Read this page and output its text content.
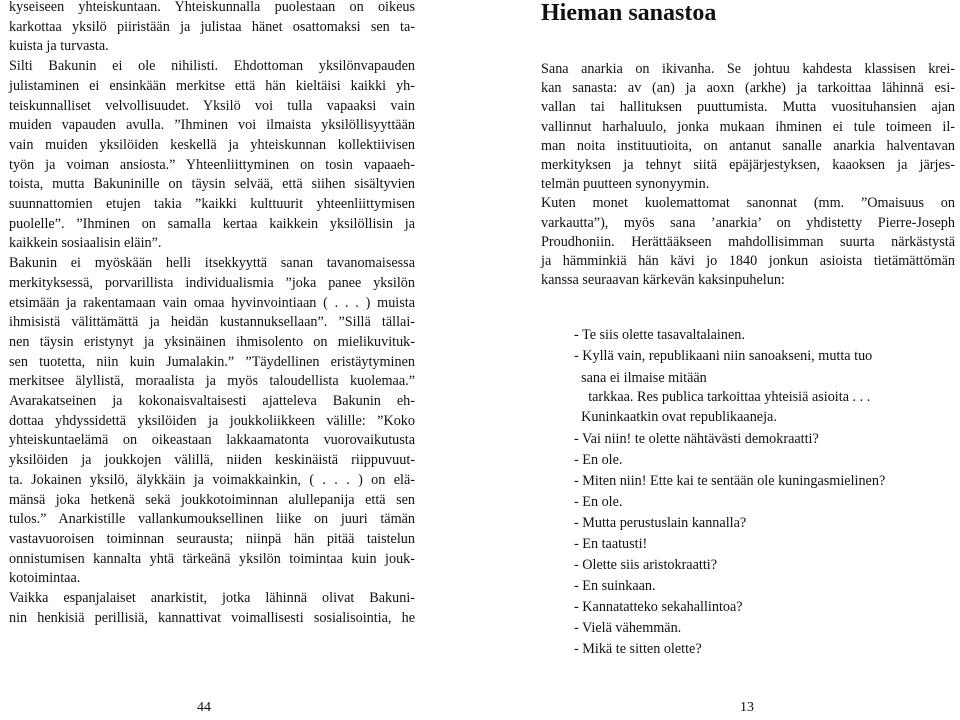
kyseiseen yhteiskuntaan. Yhteiskunnalla puolestaan on oikeus
karkottaa yksilö piiristään ja julistaa hänet osattomaksi sen ta-
kuista ja turvasta.
Silti Bakunin ei ole nihilisti. Ehdottoman yksilönvapauden
julistaminen ei ensinkään merkitse että hän kieltäisi kaikki yh-
teiskunnalliset velvollisuudet. Yksilö voi tulla vapaaksi vain
muiden vapauden avulla. ”Ihminen voi ilmaista yksilöllisyyttään
vain muiden yksilöiden keskellä ja yhteiskunnan kollektiivisen
työn ja voiman ansiosta.” Yhteenliittyminen on tosin vapaaeh-
toista, mutta Bakuninille on täysin selvää, että siihen sisältyvien
suunnattomien etujen takia ”kaikki kulttuurit yhteenliittymisen
puolelle”. ”Ihminen on samalla kertaa kaikkein yksilöllisin ja
kaikkein sosiaalisin eläin”.
Bakunin ei myöskään helli itsekkyyttä sanan tavanomaisessa
merkityksessä, porvarillista individualismia ”joka panee yksilön
etsimään ja rakentamaan vain omaa hyvinvointiaan ( . . . ) muista
ihmisistä välittämättä ja heidän kustannuksellaan”. ”Sillä tällai-
nen täysin eristynyt ja yksinäinen ihmisolento on mielikuvituk-
sen tuotetta, niin kuin Jumalakin.” ”Täydellinen eristäytyminen
merkitsee älyllistä, moraalista ja myös taloudellista kuolemaa.”
Avarakatseinen ja kokonaisvaltaisesti ajatteleva Bakunin eh-
dottaa yhdyssidettä yksilöiden ja joukkoliikkeen välille: ”Koko
yhteiskuntaelämä on oikeastaan lakkaamatonta vuorovaikutusta
yksilöiden ja joukkojen välillä, niiden keskinäistä riippuvuut-
ta. Jokainen yksilö, älykkäin ja voimakkainkin, ( . . . ) on elä-
mänsä joka hetkenä sekä joukkotoiminnan alullepanija että sen
tulos.” Anarkistille vallankumouksellinen liike on juuri tämän
vastavuoroisen toiminnan seurausta; niinpä hän pitää taistelun
onnistumisen kannalta yhtä tärkeänä yksilön toimintaa kuin jouk-
kotoimintaa.
Vaikka espanjalaiset anarkistit, jotka lähinnä olivat Bakuni-
nin henkisiä perillisiä, kannattivat voimallisesti sosialisointia, he
Hieman sanastoa
Sana anarkia on ikivanha. Se johtuu kahdesta klassisen krei-
kan sanasta: av (an) ja aoxn (arkhe) ja tarkoittaa lähinnä esi-
vallan tai hallituksen puuttumista. Mutta vuosituhansien ajan
vallinnut harhaluulo, jonka mukaan ihminen ei tule toimeen il-
man noita instituutioita, on antanut sanalle anarkia halventavan
merkityksen ja tehnyt siitä epäjärjestyksen, kaaoksen ja järjes-
telmän puutteen synonyymin.
Kuten monet kuolemattomat sanonnat (mm. ”Omaisuus on
varkautta”), myös sana ’anarkia’ on yhdistetty Pierre-Joseph
Proudhoniin. Herättääkseen mahdollisimman suurta närkästystä
ja hämminkiä hän kävi jo 1840 jonkun asioista tietämättömän
kanssa seuraavan kärkevän kaksinpuhelun:
- Te siis olette tasavaltalainen.
- Kyllä vain, republikaani niin sanoakseni, mutta tuo
sana ei ilmaise mitään
tarkkaa. Res publica tarkoittaa yhteisiä asioita . . .
Kuninkaatkin ovat republikaaneja.
- Vai niin! te olette nähtävästi demokraatti?
- En ole.
- Miten niin! Ette kai te sentään ole kuningasmielinen?
- En ole.
- Mutta perustuslain kannalla?
- En taatusti!
- Olette siis aristokraatti?
- En suinkaan.
- Kannatatteko sekahallintoa?
- Vielä vähemmän.
- Mikä te sitten olette?
44	13
